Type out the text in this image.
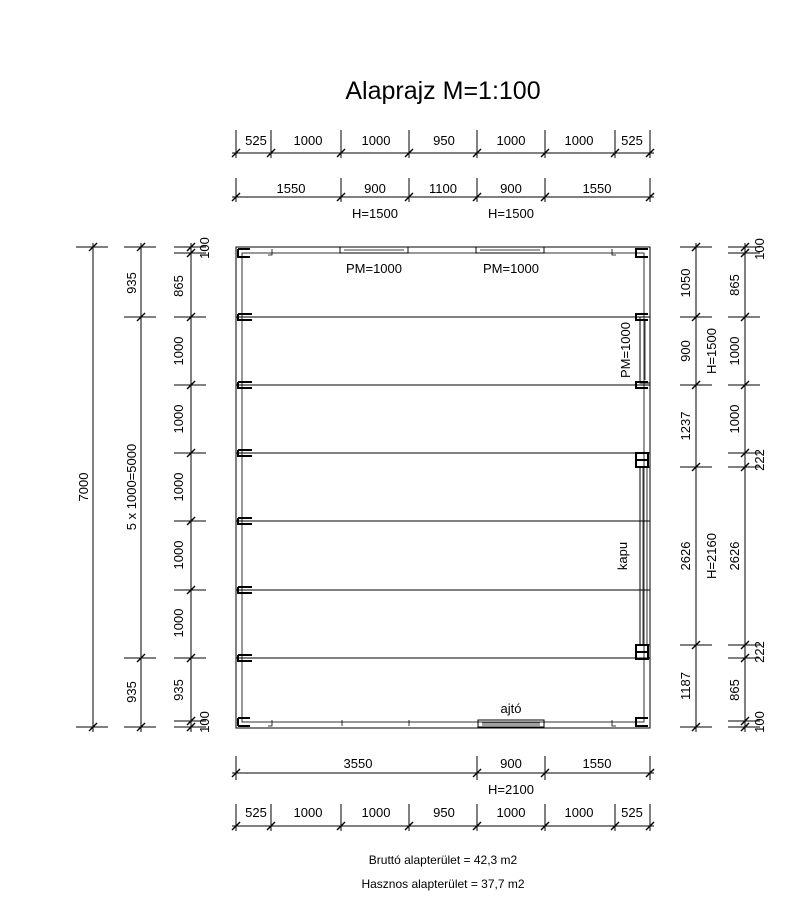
Alaprajz M=1:100
PM=1000	PM=1000
PM=1000
kapu
ajtó
525 1000	1000	950	1000	1000 525
1550	900	1100	900	1550
H=1500	H=1500
7000
935
5 x 1000=5000
935
100
865
1000
1000
1000
1000
1000
935
100
1050
900
1237
2626
1187
H=1500
H=2160
100
865
1000
1000
222
2626
222
865
100
3550	900	1550
H=2100
525 1000	1000	950	1000	1000 525
Bruttó alapterület = 42,3 m2
Hasznos alapterület = 37,7 m2
